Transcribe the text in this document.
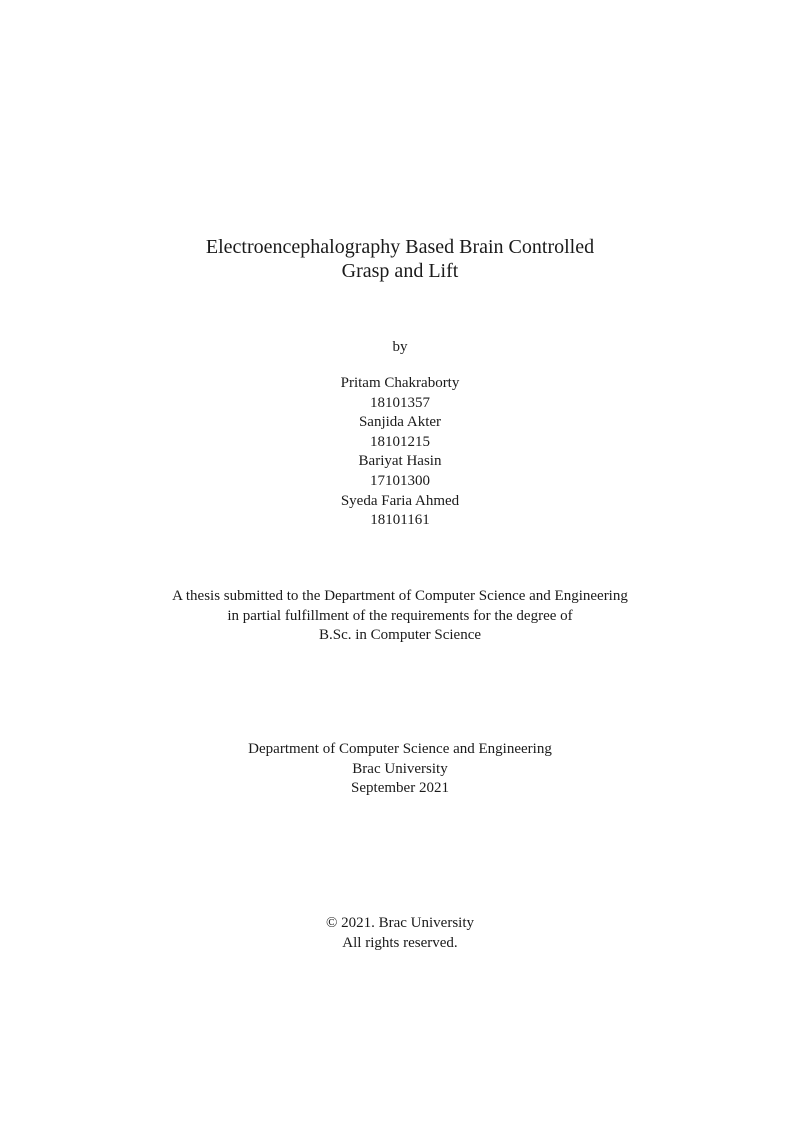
Electroencephalography Based Brain Controlled
Grasp and Lift
by
Pritam Chakraborty
18101357
Sanjida Akter
18101215
Bariyat Hasin
17101300
Syeda Faria Ahmed
18101161
A thesis submitted to the Department of Computer Science and Engineering
in partial fulfillment of the requirements for the degree of
B.Sc. in Computer Science
Department of Computer Science and Engineering
Brac University
September 2021
© 2021. Brac University
All rights reserved.
